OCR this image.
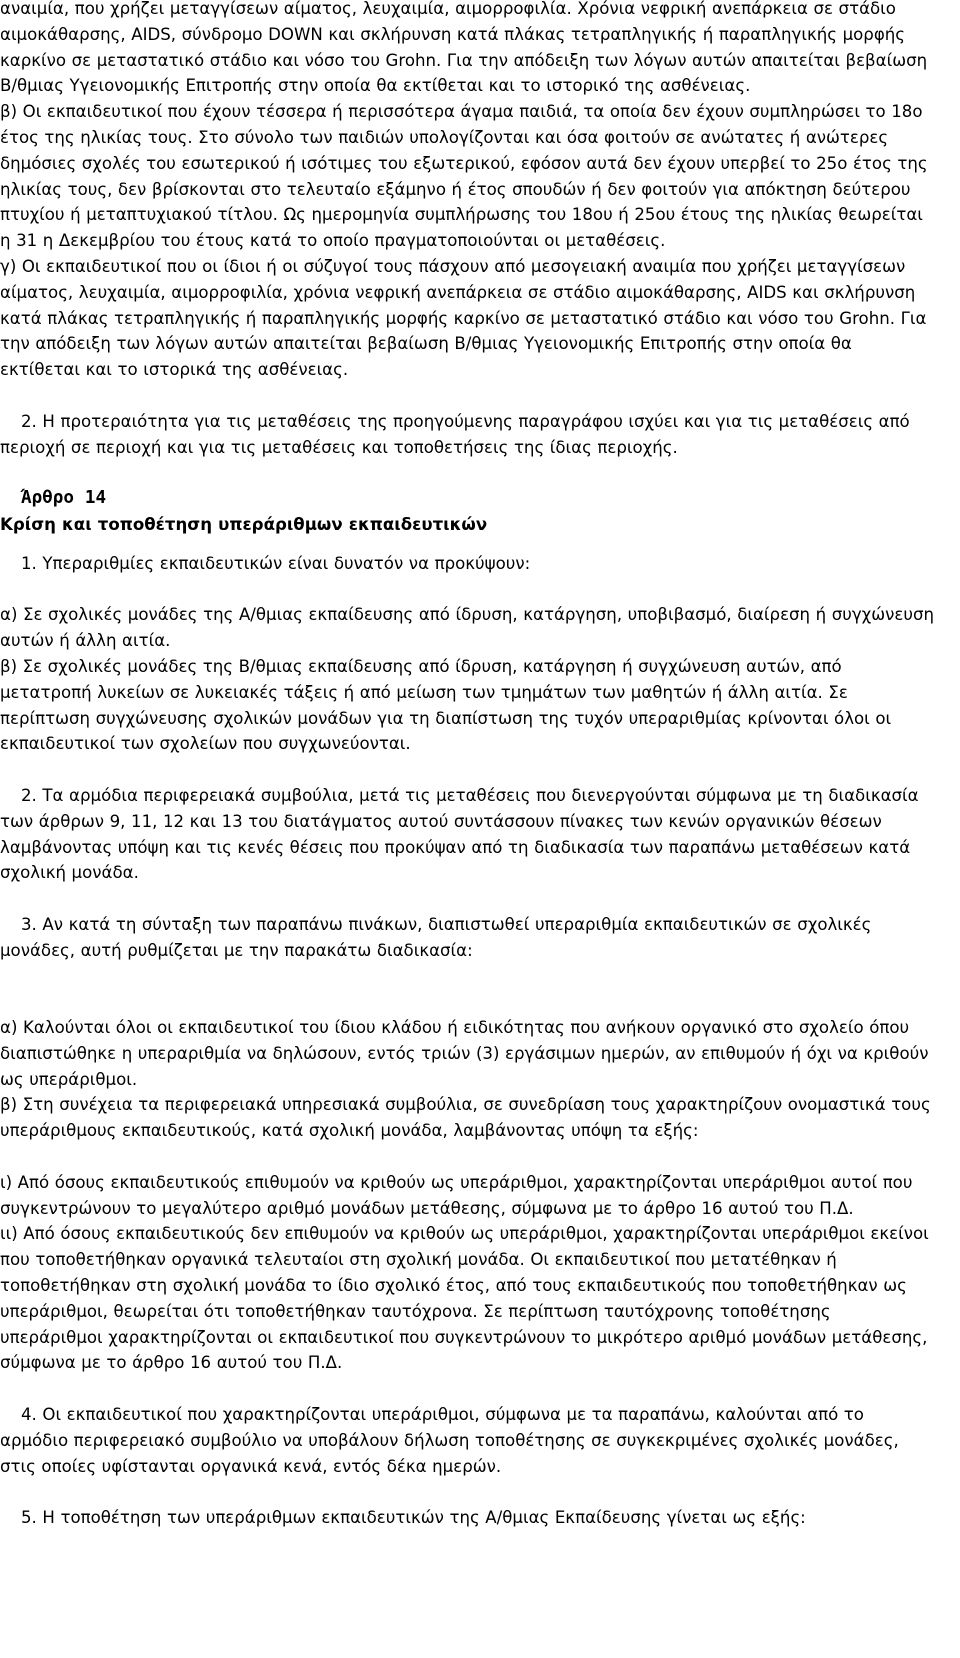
αναιμία, που χρήζει μεταγγίσεων αίματος, λευχαιμία, αιμορροφιλία. Χρόνια νεφρική ανεπάρκεια σε στάδιο αιμοκάθαρσης, AIDS, σύνδρομο DOWN και σκλήρυνση κατά πλάκας τετραπληγικής ή παραπληγικής μορφής καρκίνο σε μεταστατικό στάδιο και νόσο του Grohn. Για την απόδειξη των λόγων αυτών απαιτείται βεβαίωση Β/θμιας Υγειονομικής Επιτροπής στην οποία θα εκτίθεται και το ιστορικό της ασθένειας.

β) Οι εκπαιδευτικοί που έχουν τέσσερα ή περισσότερα άγαμα παιδιά, τα οποία δεν έχουν συμπληρώσει το 18ο έτος της ηλικίας τους. Στο σύνολο των παιδιών υπολογίζονται και όσα φοιτούν σε ανώτατες ή ανώτερες δημόσιες σχολές του εσωτερικού ή ισότιμες του εξωτερικού, εφόσον αυτά δεν έχουν υπερβεί το 25ο έτος της ηλικίας τους, δεν βρίσκονται στο τελευταίο εξάμηνο ή έτος σπουδών ή δεν φοιτούν για απόκτηση δεύτερου πτυχίου ή μεταπτυχιακού τίτλου. Ως ημερομηνία συμπλήρωσης του 18ου ή 25ου έτους της ηλικίας θεωρείται η 31 η Δεκεμβρίου του έτους κατά το οποίο πραγματοποιούνται οι μεταθέσεις.

γ) Οι εκπαιδευτικοί που οι ίδιοι ή οι σύζυγοί τους πάσχουν από μεσογειακή αναιμία που χρήζει μεταγγίσεων αίματος, λευχαιμία, αιμορροφιλία, χρόνια νεφρική ανεπάρκεια σε στάδιο αιμοκάθαρσης, AIDS και σκλήρυνση κατά πλάκας τετραπληγικής ή παραπληγικής μορφής καρκίνο σε μεταστατικό στάδιο και νόσο του Grohn. Για την απόδειξη των λόγων αυτών απαιτείται βεβαίωση Β/θμιας Υγειονομικής Επιτροπής στην οποία θα εκτίθεται και το ιστορικά της ασθένειας.

2. Η προτεραιότητα για τις μεταθέσεις της προηγούμενης παραγράφου ισχύει και για τις μεταθέσεις από περιοχή σε περιοχή και για τις μεταθέσεις και τοποθετήσεις της ίδιας περιοχής.

Άρθρο 14

Κρίση και τοποθέτηση υπεράριθμων εκπαιδευτικών

1. Υπεραριθμίες εκπαιδευτικών είναι δυνατόν να προκύψουν:

α) Σε σχολικές μονάδες της Α/θμιας εκπαίδευσης από ίδρυση, κατάργηση, υποβιβασμό, διαίρεση ή συγχώνευση αυτών ή άλλη αιτία.

β) Σε σχολικές μονάδες της Β/θμιας εκπαίδευσης από ίδρυση, κατάργηση ή συγχώνευση αυτών, από μετατροπή λυκείων σε λυκειακές τάξεις ή από μείωση των τμημάτων των μαθητών ή άλλη αιτία. Σε περίπτωση συγχώνευσης σχολικών μονάδων για τη διαπίστωση της τυχόν υπεραριθμίας κρίνονται όλοι οι εκπαιδευτικοί των σχολείων που συγχωνεύονται.

2. Τα αρμόδια περιφερειακά συμβούλια, μετά τις μεταθέσεις που διενεργούνται σύμφωνα με τη διαδικασία των άρθρων 9, 11, 12 και 13 του διατάγματος αυτού συντάσσουν πίνακες των κενών οργανικών θέσεων λαμβάνοντας υπόψη και τις κενές θέσεις που προκύψαν από τη διαδικασία των παραπάνω μεταθέσεων κατά σχολική μονάδα.

3. Αν κατά τη σύνταξη των παραπάνω πινάκων, διαπιστωθεί υπεραριθμία εκπαιδευτικών σε σχολικές μονάδες, αυτή ρυθμίζεται με την παρακάτω διαδικασία:

α) Καλούνται όλοι οι εκπαιδευτικοί του ίδιου κλάδου ή ειδικότητας που ανήκουν οργανικό στο σχολείο όπου διαπιστώθηκε η υπεραριθμία να δηλώσουν, εντός τριών (3) εργάσιμων ημερών, αν επιθυμούν ή όχι να κριθούν ως υπεράριθμοι.

β) Στη συνέχεια τα περιφερειακά υπηρεσιακά συμβούλια, σε συνεδρίαση τους χαρακτηρίζουν ονομαστικά τους υπεράριθμους εκπαιδευτικούς, κατά σχολική μονάδα, λαμβάνοντας υπόψη τα εξής:

ι) Από όσους εκπαιδευτικούς επιθυμούν να κριθούν ως υπεράριθμοι, χαρακτηρίζονται υπεράριθμοι αυτοί που συγκεντρώνουν το μεγαλύτερο αριθμό μονάδων μετάθεσης, σύμφωνα με το άρθρο 16 αυτού του Π.Δ.

ιι) Από όσους εκπαιδευτικούς δεν επιθυμούν να κριθούν ως υπεράριθμοι, χαρακτηρίζονται υπεράριθμοι εκείνοι που τοποθετήθηκαν οργανικά τελευταίοι στη σχολική μονάδα. Οι εκπαιδευτικοί που μετατέθηκαν ή τοποθετήθηκαν στη σχολική μονάδα το ίδιο σχολικό έτος, από τους εκπαιδευτικούς που τοποθετήθηκαν ως υπεράριθμοι, θεωρείται ότι τοποθετήθηκαν ταυτόχρονα. Σε περίπτωση ταυτόχρονης τοποθέτησης υπεράριθμοι χαρακτηρίζονται οι εκπαιδευτικοί που συγκεντρώνουν το μικρότερο αριθμό μονάδων μετάθεσης, σύμφωνα με το άρθρο 16 αυτού του Π.Δ.

4. Οι εκπαιδευτικοί που χαρακτηρίζονται υπεράριθμοι, σύμφωνα με τα παραπάνω, καλούνται από το αρμόδιο περιφερειακό συμβούλιο να υποβάλουν δήλωση τοποθέτησης σε συγκεκριμένες σχολικές μονάδες, στις οποίες υφίστανται οργανικά κενά, εντός δέκα ημερών.

5. Η τοποθέτηση των υπεράριθμων εκπαιδευτικών της Α/θμιας Εκπαίδευσης γίνεται ως εξής:
